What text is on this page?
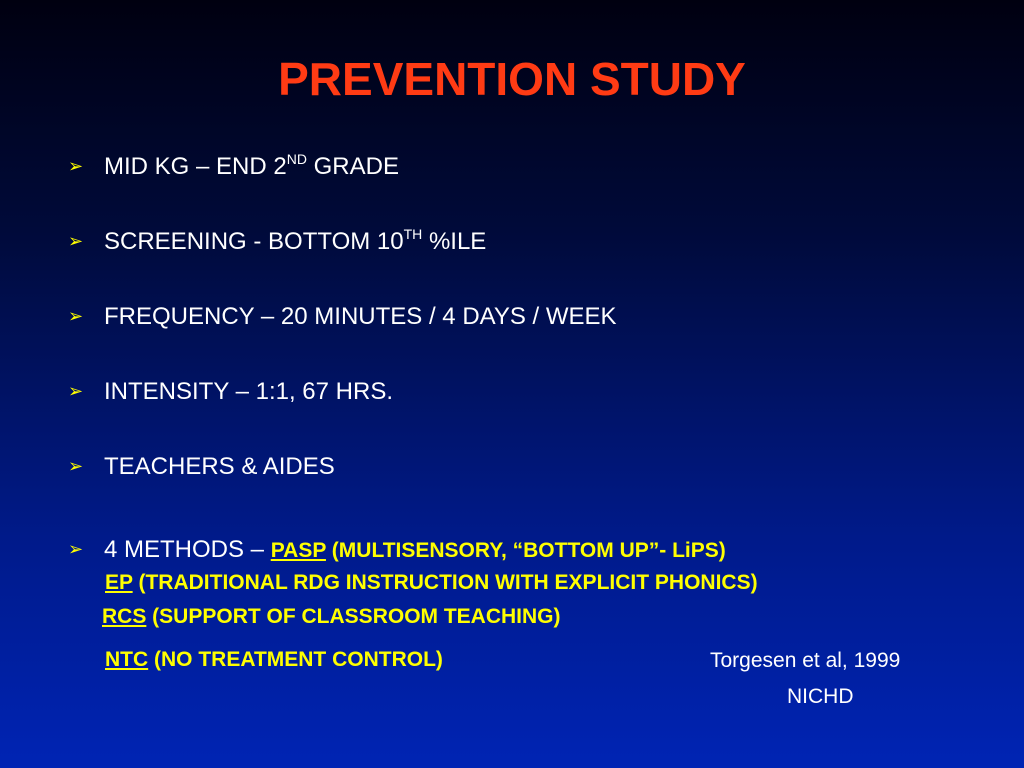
PREVENTION STUDY
➢ MID KG – END 2ND GRADE
➢ SCREENING - BOTTOM 10TH %ILE
➢ FREQUENCY – 20 MINUTES / 4 DAYS / WEEK
➢ INTENSITY – 1:1, 67 HRS.
➢ TEACHERS & AIDES
➢ 4 METHODS – PASP (MULTISENSORY, “BOTTOM UP”- LiPS)
EP (TRADITIONAL RDG INSTRUCTION WITH EXPLICIT PHONICS)
RCS (SUPPORT OF CLASSROOM TEACHING)
NTC (NO TREATMENT CONTROL)	Torgesen et al, 1999
NICHD
